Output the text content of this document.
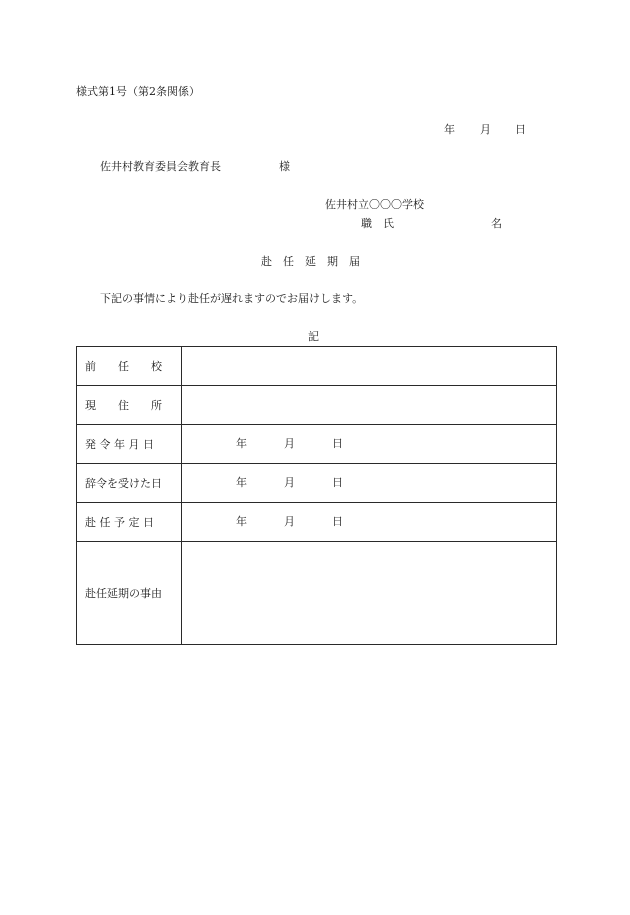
様式第1号（第2条関係）
年 月 日
佐井村教育委員会教育長	様
佐井村立〇〇〇学校
職　氏	名
赴　任　延　期　届
下記の事情により赴任が遅れますのでお届けします。
記
前　　任　　校	
現　　住　　所	
発 令 年 月 日	年 月 日

辞令を受けた日	年 月 日

赴 任 予 定 日	年 月 日

赴任延期の事由	
